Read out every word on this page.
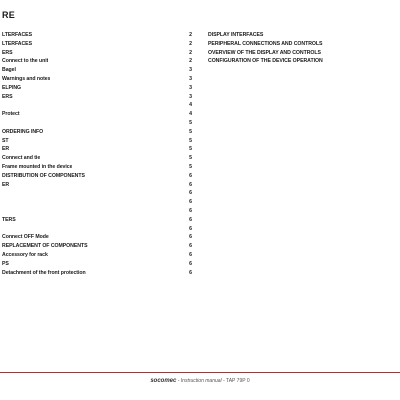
RE
LTERFACES	2
LTERFACES	2
ERS	2
Connect to the unit	2
Bagel	3
Warnings and notes	3
ELPING	3
ERS	3
4
Protect	4
5
ORDERING INFO	5
ST	5
ER	5
Connect and tie	5
Frame mounted in the device	5
DISTRIBUTION OF COMPONENTS	6
ER	6
6
6
6
TERS	6
6
Connect OFF Mode	6
REPLACEMENT OF COMPONENTS	6
Accessory for rack	6
PS	6
Detachment of the front protection	6
DISPLAY INTERFACES
PERIPHERAL CONNECTIONS AND CONTROLS
OVERVIEW OF THE DISPLAY AND CONTROLS
CONFIGURATION OF THE DEVICE OPERATION
socomec - Instruction manual - TAP 79P 0
